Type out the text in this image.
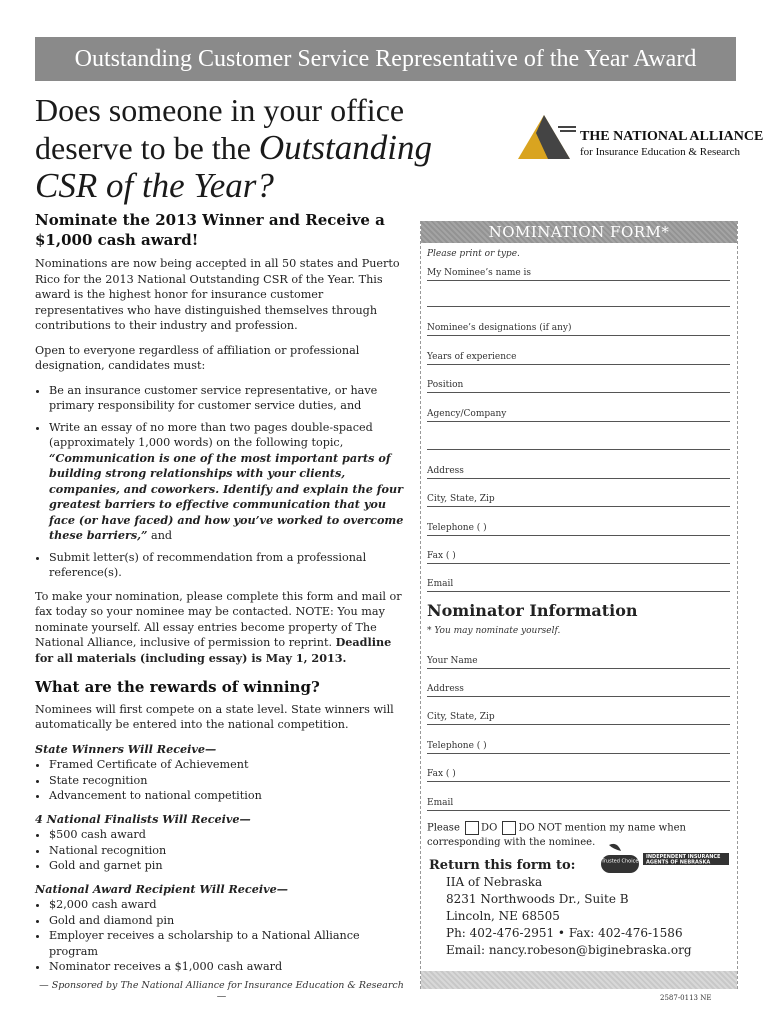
Outstanding Customer Service Representative of the Year Award
Does someone in your office
deserve to be the Outstanding
CSR of the Year?
THE NATIONAL ALLIANCE
for Insurance Education & Research
Nominate the 2013 Winner and Receive a $1,000 cash award!

Nominations are now being accepted in all 50 states and Puerto Rico for the 2013 National Outstanding CSR of the Year. This award is the highest honor for insurance customer representatives who have distinguished themselves through contributions to their industry and profession.

Open to everyone regardless of affiliation or professional designation, candidates must:

• Be an insurance customer service representative, or have primary responsibility for customer service duties, and
• Write an essay of no more than two pages double-spaced (approximately 1,000 words) on the following topic, “Communication is one of the most important parts of building strong relationships with your clients, companies, and coworkers. Identify and explain the four greatest barriers to effective communication that you face (or have faced) and how you’ve worked to overcome these barriers,” and
• Submit letter(s) of recommendation from a professional reference(s).

To make your nomination, please complete this form and mail or fax today so your nominee may be contacted. NOTE: You may nominate yourself. All essay entries become property of The National Alliance, inclusive of permission to reprint. Deadline for all materials (including essay) is May 1, 2013.

What are the rewards of winning?

Nominees will first compete on a state level. State winners will automatically be entered into the national competition.

State Winners Will Receive—
• Framed Certificate of Achievement
• State recognition
• Advancement to national competition
4 National Finalists Will Receive—
• $500 cash award
• National recognition
• Gold and garnet pin
National Award Recipient Will Receive—
• $2,000 cash award
• Gold and diamond pin
• Employer receives a scholarship to a National Alliance program
• Nominator receives a $1,000 cash award
NOMINATION FORM*
Please print or type.
My Nominee’s name is
Nominee’s designations (if any)
Years of experience
Position
Agency/Company
Address
City, State, Zip
Telephone ( )
Fax ( )
Email
Nominator Information
* You may nominate yourself.
Your Name
Address
City, State, Zip
Telephone ( )
Fax ( )
Email
Please DO DO NOT mention my name when corresponding with the nominee.
Return this form to:
IIA of Nebraska
8231 Northwoods Dr., Suite B
Lincoln, NE 68505
Ph: 402-476-2951 • Fax: 402-476-1586
Email: nancy.robeson@biginebraska.org
Trusted Choice
INDEPENDENT INSURANCE
AGENTS OF NEBRASKA
— Sponsored by The National Alliance for Insurance Education & Research —	2587-0113 NE
